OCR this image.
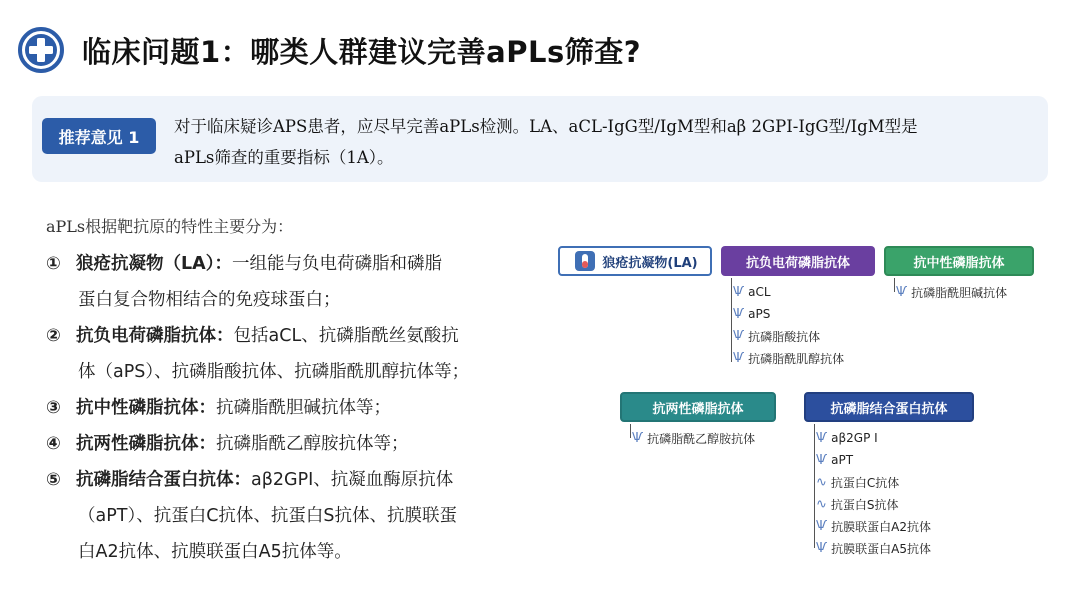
临床问题1：哪类人群建议完善aPLs筛查?
推荐意见 1
对于临床疑诊APS患者，应尽早完善aPLs检测。LA、aCL-IgG型/IgM型和aβ 2GPI-IgG型/IgM型是
aPLs筛查的重要指标（1A）。
aPLs根据靶抗原的特性主要分为：
① 狼疮抗凝物（LA）：一组能与负电荷磷脂和磷脂
蛋白复合物相结合的免疫球蛋白；
② 抗负电荷磷脂抗体：包括aCL、抗磷脂酰丝氨酸抗
体（aPS）、抗磷脂酸抗体、抗磷脂酰肌醇抗体等；
③ 抗中性磷脂抗体：抗磷脂酰胆碱抗体等；
④ 抗两性磷脂抗体：抗磷脂酰乙醇胺抗体等；
⑤ 抗磷脂结合蛋白抗体：aβ2GPI、抗凝血酶原抗体
（aPT）、抗蛋白C抗体、抗蛋白S抗体、抗膜联蛋
白A2抗体、抗膜联蛋白A5抗体等。
狼疮抗凝物(LA)	抗负电荷磷脂抗体
Ѱ aCL
Ѱ aPS
Ѱ 抗磷脂酸抗体
Ѱ 抗磷脂酰肌醇抗体
抗中性磷脂抗体
Ѱ 抗磷脂酰胆碱抗体
抗两性磷脂抗体
Ѱ 抗磷脂酰乙醇胺抗体
抗磷脂结合蛋白抗体
Ѱ aβ2GP I
Ѱ aPT
∿ 抗蛋白C抗体
∿ 抗蛋白S抗体
Ѱ 抗膜联蛋白A2抗体
Ѱ 抗膜联蛋白A5抗体
